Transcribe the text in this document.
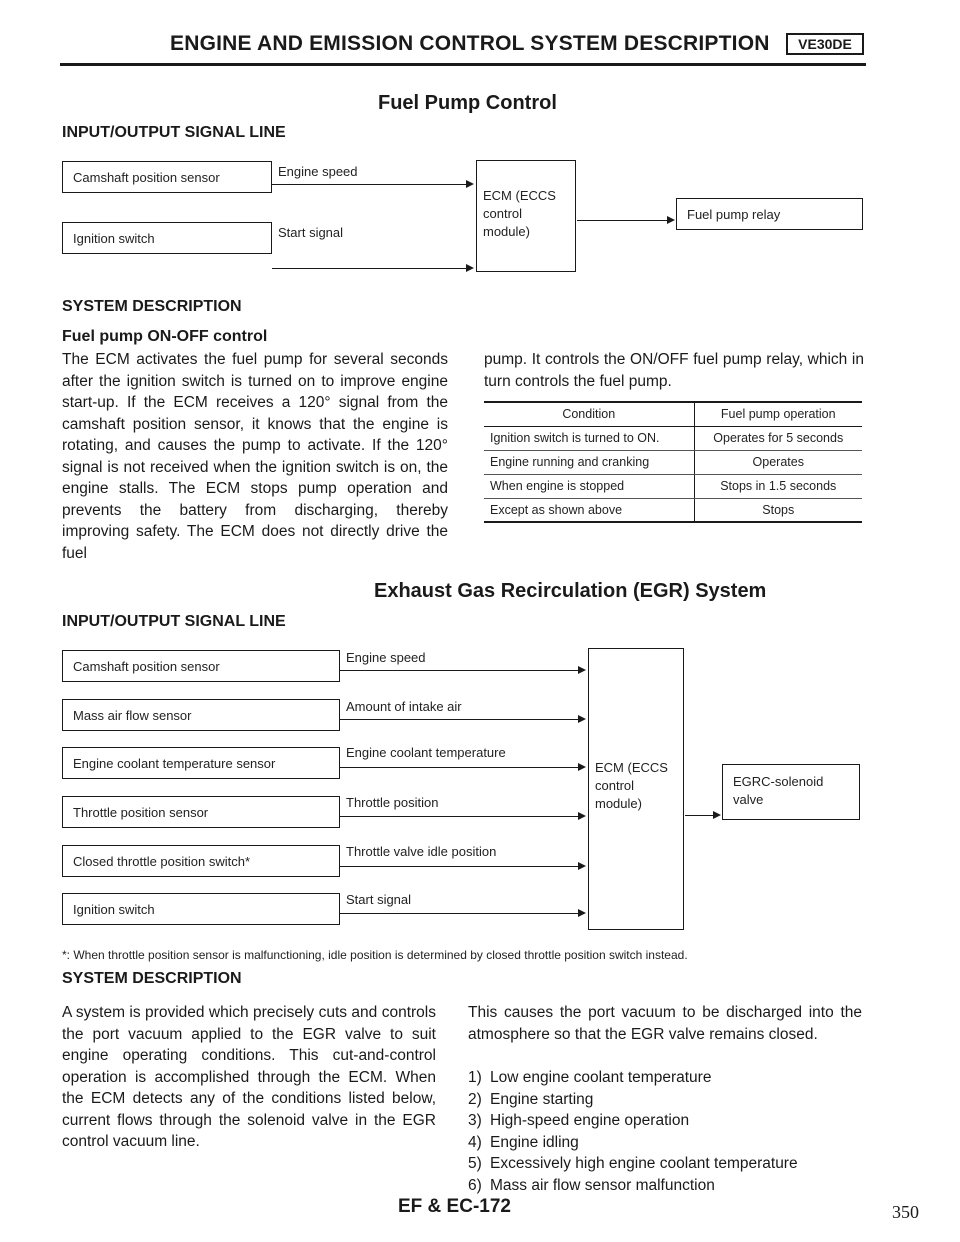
ENGINE AND EMISSION CONTROL SYSTEM DESCRIPTION	VE30DE
Fuel Pump Control
INPUT/OUTPUT SIGNAL LINE
Camshaft position sensor	Engine speed
Ignition switch	Start signal
ECM (ECCS
control
module)
Fuel pump relay
SYSTEM DESCRIPTION
Fuel pump ON-OFF control
The ECM activates the fuel pump for several seconds after the ignition switch is turned on to improve engine start-up. If the ECM receives a 120° signal from the camshaft position sensor, it knows that the engine is rotating, and causes the pump to activate. If the 120° signal is not received when the ignition switch is on, the engine stalls. The ECM stops pump operation and prevents the battery from discharging, thereby improving safety. The ECM does not directly drive the fuel
pump. It controls the ON/OFF fuel pump relay, which in turn controls the fuel pump.
Condition	Fuel pump operation
Ignition switch is turned to ON.	Operates for 5 seconds
Engine running and cranking	Operates
When engine is stopped	Stops in 1.5 seconds
Except as shown above	Stops
Exhaust Gas Recirculation (EGR) System
INPUT/OUTPUT SIGNAL LINE
Camshaft position sensor
Engine speed
Mass air flow sensor
Amount of intake air
Engine coolant temperature sensor
Engine coolant temperature
Throttle position sensor
Throttle position
Closed throttle position switch*
Throttle valve idle position
Ignition switch
Start signal
ECM (ECCS
control
module)
EGRC-solenoid
valve
*: When throttle position sensor is malfunctioning, idle position is determined by closed throttle position switch instead.
SYSTEM DESCRIPTION
A system is provided which precisely cuts and controls the port vacuum applied to the EGR valve to suit engine operating conditions. This cut-and-control operation is accomplished through the ECM. When the ECM detects any of the conditions listed below, current flows through the solenoid valve in the EGR control vacuum line.
This causes the port vacuum to be discharged into the atmosphere so that the EGR valve remains closed.
1) Low engine coolant temperature
2) Engine starting
3) High-speed engine operation
4) Engine idling
5) Excessively high engine coolant temperature
6) Mass air flow sensor malfunction
EF & EC-172	350
